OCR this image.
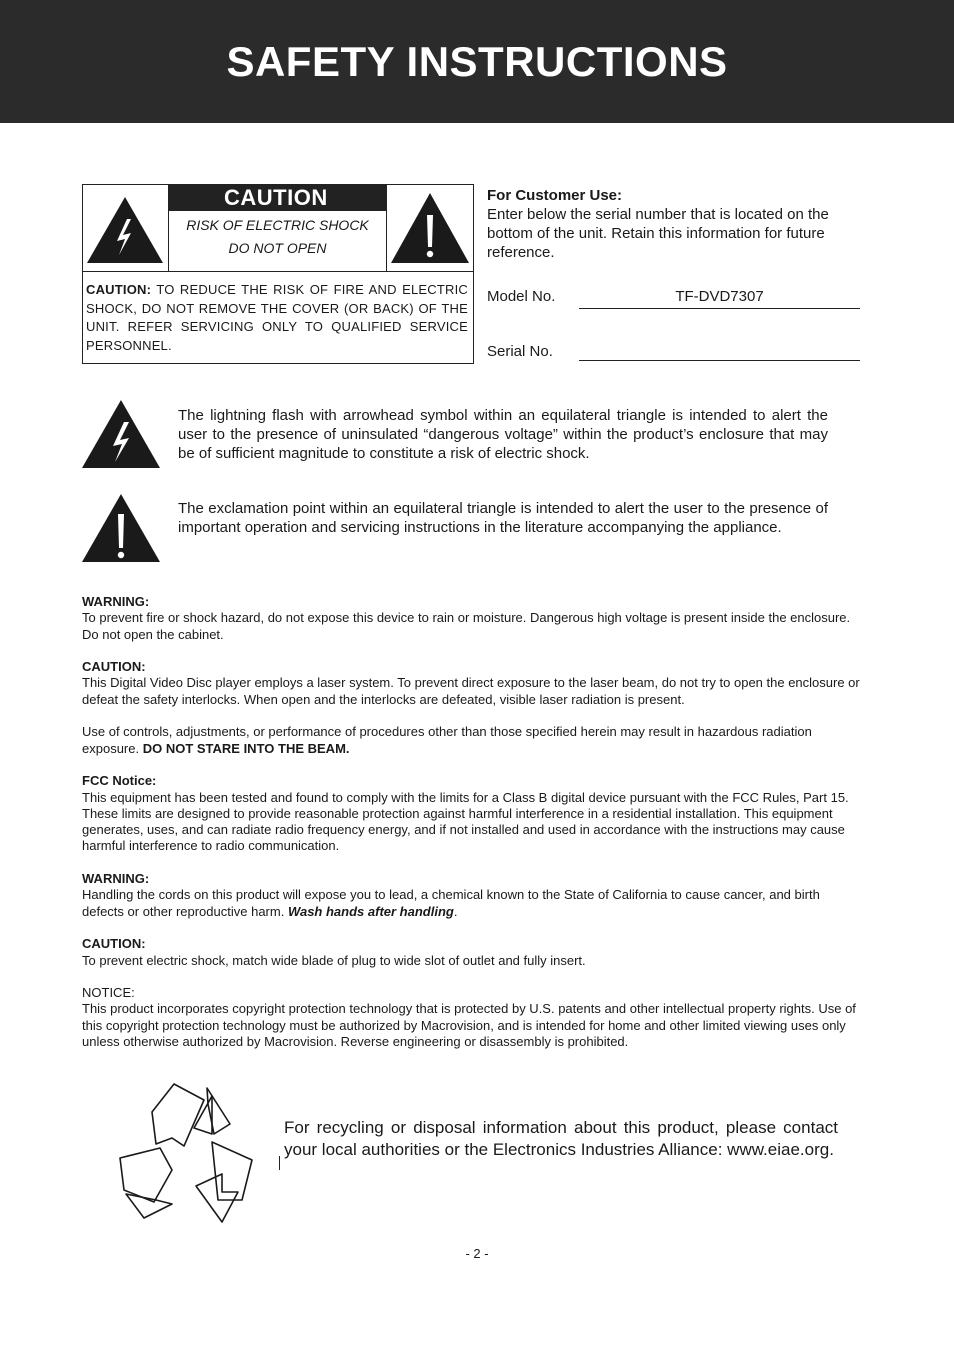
SAFETY INSTRUCTIONS
CAUTION
RISK OF ELECTRIC SHOCK
DO NOT OPEN
CAUTION: TO REDUCE THE RISK OF FIRE AND ELECTRIC SHOCK, DO NOT REMOVE THE COVER (OR BACK) OF THE UNIT. REFER SERVICING ONLY TO QUALIFIED SERVICE PERSONNEL.
For Customer Use:
Enter below the serial number that is located on the bottom of the unit. Retain this information for future reference.
Model No.	TF-DVD7307
Serial No.
The lightning flash with arrowhead symbol within an equilateral triangle is intended to alert the user to the presence of uninsulated “dangerous voltage” within the product’s enclosure that may be of sufficient magnitude to constitute a risk of electric shock.
The exclamation point within an equilateral triangle is intended to alert the user to the presence of important operation and servicing instructions in the literature accompanying the appliance.

WARNING:
To prevent fire or shock hazard, do not expose this device to rain or moisture. Dangerous high voltage is present inside the enclosure. Do not open the cabinet.

CAUTION:
This Digital Video Disc player employs a laser system. To prevent direct exposure to the laser beam, do not try to open the enclosure or defeat the safety interlocks. When open and the interlocks are defeated, visible laser radiation is present.

Use of controls, adjustments, or performance of procedures other than those specified herein may result in hazardous radiation exposure. DO NOT STARE INTO THE BEAM.

FCC Notice:
This equipment has been tested and found to comply with the limits for a Class B digital device pursuant with the FCC Rules, Part 15. These limits are designed to provide reasonable protection against harmful interference in a residential installation. This equipment generates, uses, and can radiate radio frequency energy, and if not installed and used in accordance with the instructions may cause harmful interference to radio communication.

WARNING:
Handling the cords on this product will expose you to lead, a chemical known to the State of California to cause cancer, and birth defects or other reproductive harm. Wash hands after handling.

CAUTION:
To prevent electric shock, match wide blade of plug to wide slot of outlet and fully insert.

NOTICE:
This product incorporates copyright protection technology that is protected by U.S. patents and other intellectual property rights. Use of this copyright protection technology must be authorized by Macrovision, and is intended for home and other limited viewing uses only unless otherwise authorized by Macrovision. Reverse engineering or disassembly is prohibited.

For recycling or disposal information about this product, please contact your local authorities or the Electronics Industries Alliance: www.eiae.org.
- 2 -
